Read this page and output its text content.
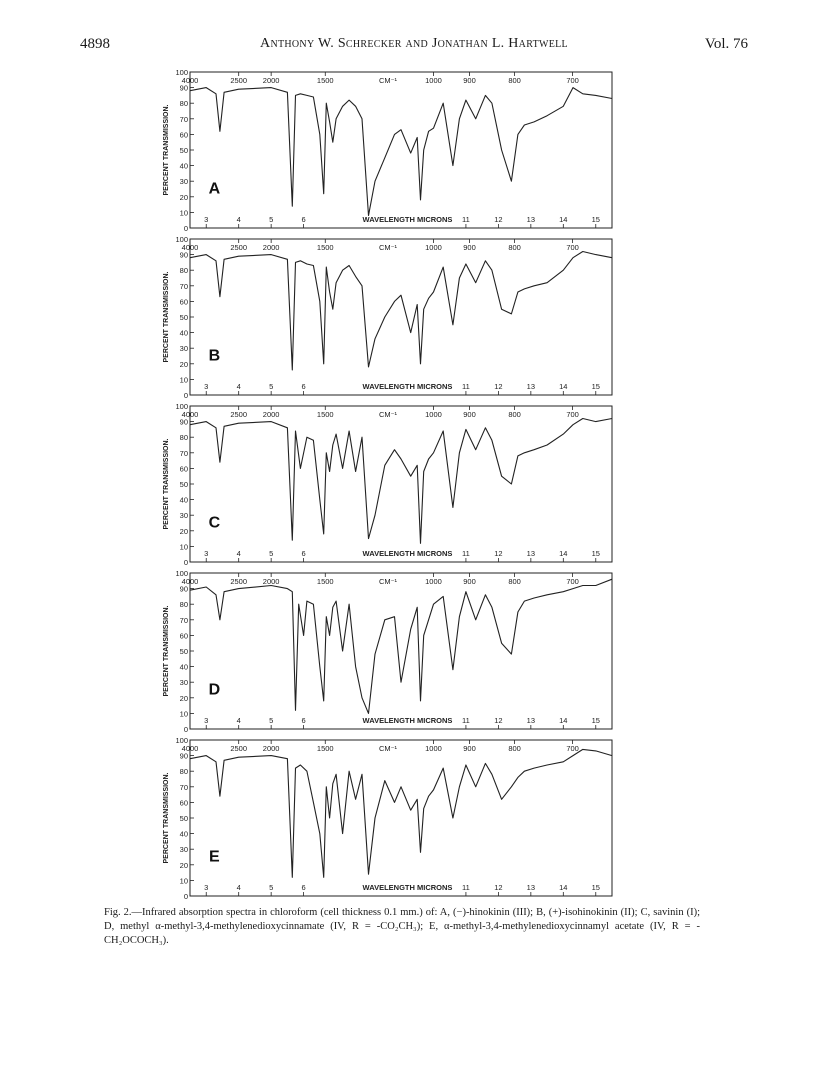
4898	Anthony W. Schrecker and Jonathan L. Hartwell	Vol. 76
100
90
80
70
60
50
40
30
20
10
0
PERCENT TRANSMISSION.
4000	2500 2000	1500	1000	900	800	700
CM⁻¹
3	4	5	6	11	12	13	14	15
WAVELENGTH MICRONS
A
100
90
80
70
60
50
40
30
20
10
0
PERCENT TRANSMISSION.
4000	2500 2000	1500	1000	900	800	700
CM⁻¹
3	4	5	6	11	12	13	14	15
WAVELENGTH MICRONS
B
100
90
80
70
60
50
40
30
20
10
0
PERCENT TRANSMISSION.
4000	2500 2000	1500	1000	900	800	700
CM⁻¹
3	4	5	6	11	12	13	14	15
WAVELENGTH MICRONS
C
100
90
80
70
60
50
40
30
20
10
0
PERCENT TRANSMISSION.
4000	2500 2000	1500	1000	900	800	700
CM⁻¹
3	4	5	6	11	12	13	14	15
WAVELENGTH MICRONS
D
100
90
80
70
60
50
40
30
20
10
0
PERCENT TRANSMISSION.
4000	2500 2000	1500	1000	900	800	700
CM⁻¹
3	4	5	6	11	12	13	14	15
WAVELENGTH MICRONS
E
Fig. 2.—Infrared absorption spectra in chloroform (cell thickness 0.1 mm.) of: A, (−)-hinokinin (III); B, (+)-isohinokinin (II); C, savinin (I); D, methyl α-methyl-3,4-methylenedioxycinnamate (IV, R = -CO₂CH₃); E, α-methyl-3,4-methylenedioxycinnamyl acetate (IV, R = -CH₂OCOCH₃).
